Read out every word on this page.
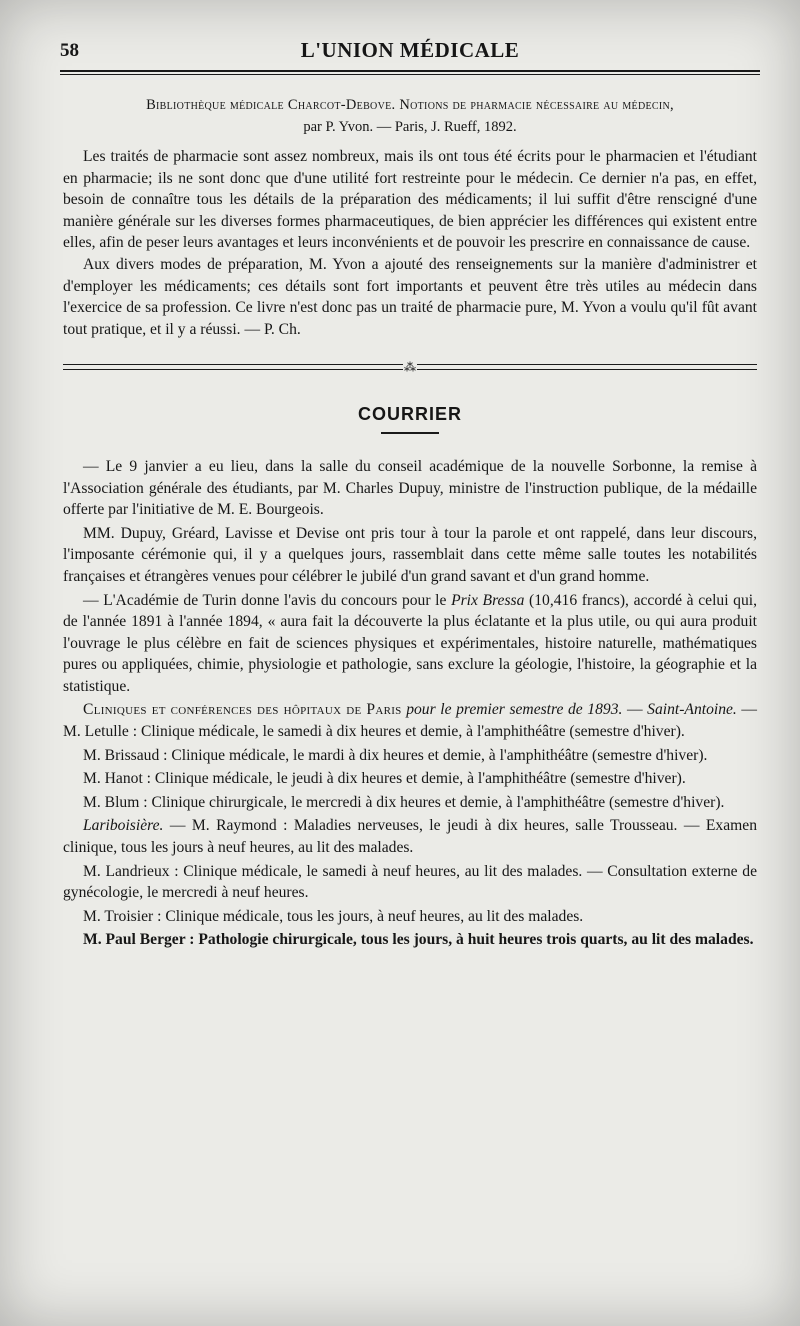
58	L'UNION MÉDICALE
Bibliothèque médicale Charcot-Debove. Notions de pharmacie nécessaire au médecin,
par P. Yvon. — Paris, J. Rueff, 1892.

Les traités de pharmacie sont assez nombreux, mais ils ont tous été écrits pour le pharmacien et l'étudiant en pharmacie; ils ne sont donc que d'une utilité fort restreinte pour le médecin. Ce dernier n'a pas, en effet, besoin de connaître tous les détails de la préparation des médicaments; il lui suffit d'être renscigné d'une manière générale sur les diverses formes pharmaceutiques, de bien apprécier les différences qui existent entre elles, afin de peser leurs avantages et leurs inconvénients et de pouvoir les prescrire en connaissance de cause.

Aux divers modes de préparation, M. Yvon a ajouté des renseignements sur la manière d'administrer et d'employer les médicaments; ces détails sont fort importants et peuvent être très utiles au médecin dans l'exercice de sa profession. Ce livre n'est donc pas un traité de pharmacie pure, M. Yvon a voulu qu'il fût avant tout pratique, et il y a réussi. — P. Ch.

⁂
COURRIER

— Le 9 janvier a eu lieu, dans la salle du conseil académique de la nouvelle Sorbonne, la remise à l'Association générale des étudiants, par M. Charles Dupuy, ministre de l'instruction publique, de la médaille offerte par l'initiative de M. E. Bourgeois.

MM. Dupuy, Gréard, Lavisse et Devise ont pris tour à tour la parole et ont rappelé, dans leur discours, l'imposante cérémonie qui, il y a quelques jours, rassemblait dans cette même salle toutes les notabilités françaises et étrangères venues pour célébrer le jubilé d'un grand savant et d'un grand homme.

— L'Académie de Turin donne l'avis du concours pour le Prix Bressa (10,416 francs), accordé à celui qui, de l'année 1891 à l'année 1894, « aura fait la découverte la plus éclatante et la plus utile, ou qui aura produit l'ouvrage le plus célèbre en fait de sciences physiques et expérimentales, histoire naturelle, mathématiques pures ou appliquées, chimie, physiologie et pathologie, sans exclure la géologie, l'histoire, la géographie et la statistique.

Cliniques et conférences des hôpitaux de Paris pour le premier semestre de 1893. — Saint-Antoine. — M. Letulle : Clinique médicale, le samedi à dix heures et demie, à l'amphithéâtre (semestre d'hiver).

M. Brissaud : Clinique médicale, le mardi à dix heures et demie, à l'amphithéâtre (semestre d'hiver).

M. Hanot : Clinique médicale, le jeudi à dix heures et demie, à l'amphithéâtre (semestre d'hiver).

M. Blum : Clinique chirurgicale, le mercredi à dix heures et demie, à l'amphithéâtre (semestre d'hiver).

Lariboisière. — M. Raymond : Maladies nerveuses, le jeudi à dix heures, salle Trousseau. — Examen clinique, tous les jours à neuf heures, au lit des malades.

M. Landrieux : Clinique médicale, le samedi à neuf heures, au lit des malades. — Consultation externe de gynécologie, le mercredi à neuf heures.

M. Troisier : Clinique médicale, tous les jours, à neuf heures, au lit des malades.

M. Paul Berger : Pathologie chirurgicale, tous les jours, à huit heures trois quarts, au lit des malades.
